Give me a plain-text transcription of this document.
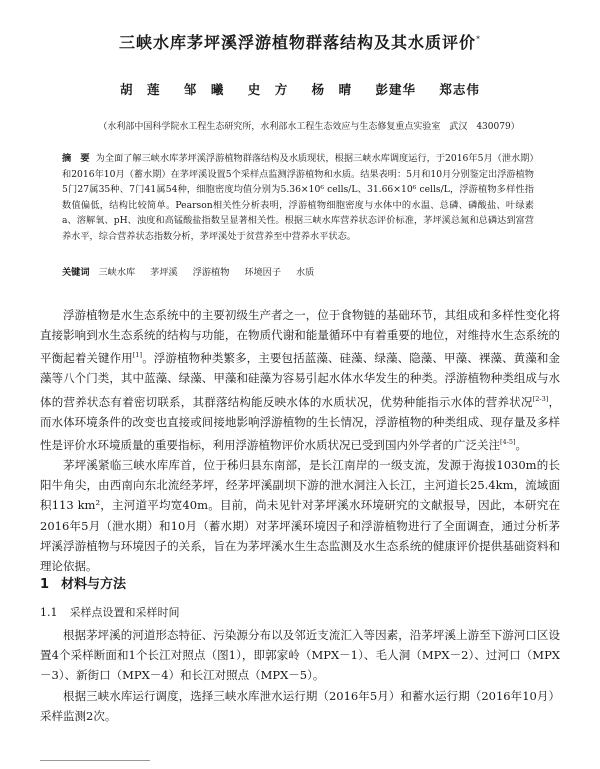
三峡水库茅坪溪浮游植物群落结构及其水质评价*
胡　莲 邹　曦 史　方 杨　晴 彭建华 郑志伟
（水利部中国科学院水工程生态研究所，水利部水工程生态效应与生态修复重点实验室　武汉　430079）
摘　要 为全面了解三峡水库茅坪溪浮游植物群落结构及水质现状，根据三峡水库调度运行，于2016年5月（泄水期）和2016年10月（蓄水期）在茅坪溪设置5个采样点监测浮游植物和水质。结果表明：5月和10月分别鉴定出浮游植物5门27属35种、7门41属54种，细胞密度均值分别为5.36×10⁶ cells/L、31.66×10⁶ cells/L，浮游植物多样性指数值偏低，结构比较简单。Pearson相关性分析表明，浮游植物细胞密度与水体中的水温、总磷、磷酸盐、叶绿素a、溶解氧、pH、浊度和高锰酸盐指数呈显著相关性。根据三峡水库营养状态评价标准，茅坪溪总氮和总磷达到富营养水平，综合营养状态指数分析，茅坪溪处于贫营养至中营养水平状态。
关键词 三峡水库 茅坪溪 浮游植物 环境因子 水质

浮游植物是水生态系统中的主要初级生产者之一，位于食物链的基础环节，其组成和多样性变化将直接影响到水生态系统的结构与功能，在物质代谢和能量循环中有着重要的地位，对维持水生态系统的平衡起着关键作用[1]。浮游植物种类繁多，主要包括蓝藻、硅藻、绿藻、隐藻、甲藻、裸藻、黄藻和金藻等八个门类，其中蓝藻、绿藻、甲藻和硅藻为容易引起水体水华发生的种类。浮游植物种类组成与水体的营养状态有着密切联系，其群落结构能反映水体的水质状况，优势种能指示水体的营养状况[2-3]，而水体环境条件的改变也直接或间接地影响浮游植物的生长情况，浮游植物的种类组成、现存量及多样性是评价水环境质量的重要指标，利用浮游植物评价水质状况已受到国内外学者的广泛关注[4-5]。

茅坪溪紧临三峡水库库首，位于秭归县东南部，是长江南岸的一级支流，发源于海拔1030m的长阳牛角尖，由西南向东北流经茅坪，经茅坪溪副坝下游的泄水洞注入长江，主河道长25.4km，流域面积113 km²，主河道平均宽40m。目前，尚未见针对茅坪溪水环境研究的文献报导，因此，本研究在2016年5月（泄水期）和10月（蓄水期）对茅坪溪环境因子和浮游植物进行了全面调查，通过分析茅坪溪浮游植物与环境因子的关系，旨在为茅坪溪水生生态监测及水生态系统的健康评价提供基础资料和理论依据。

1 材料与方法
1.1 采样点设置和采样时间

根据茅坪溪的河道形态特征、污染源分布以及邻近支流汇入等因素，沿茅坪溪上游至下游河口区设置4个采样断面和1个长江对照点（图1），即郭家岭（MPX－1）、毛人洞（MPX－2）、过河口（MPX－3）、新街口（MPX－4）和长江对照点（MPX－5）。

根据三峡水库运行调度，选择三峡水库泄水运行期（2016年5月）和蓄水运行期（2016年10月）采样监测2次。
